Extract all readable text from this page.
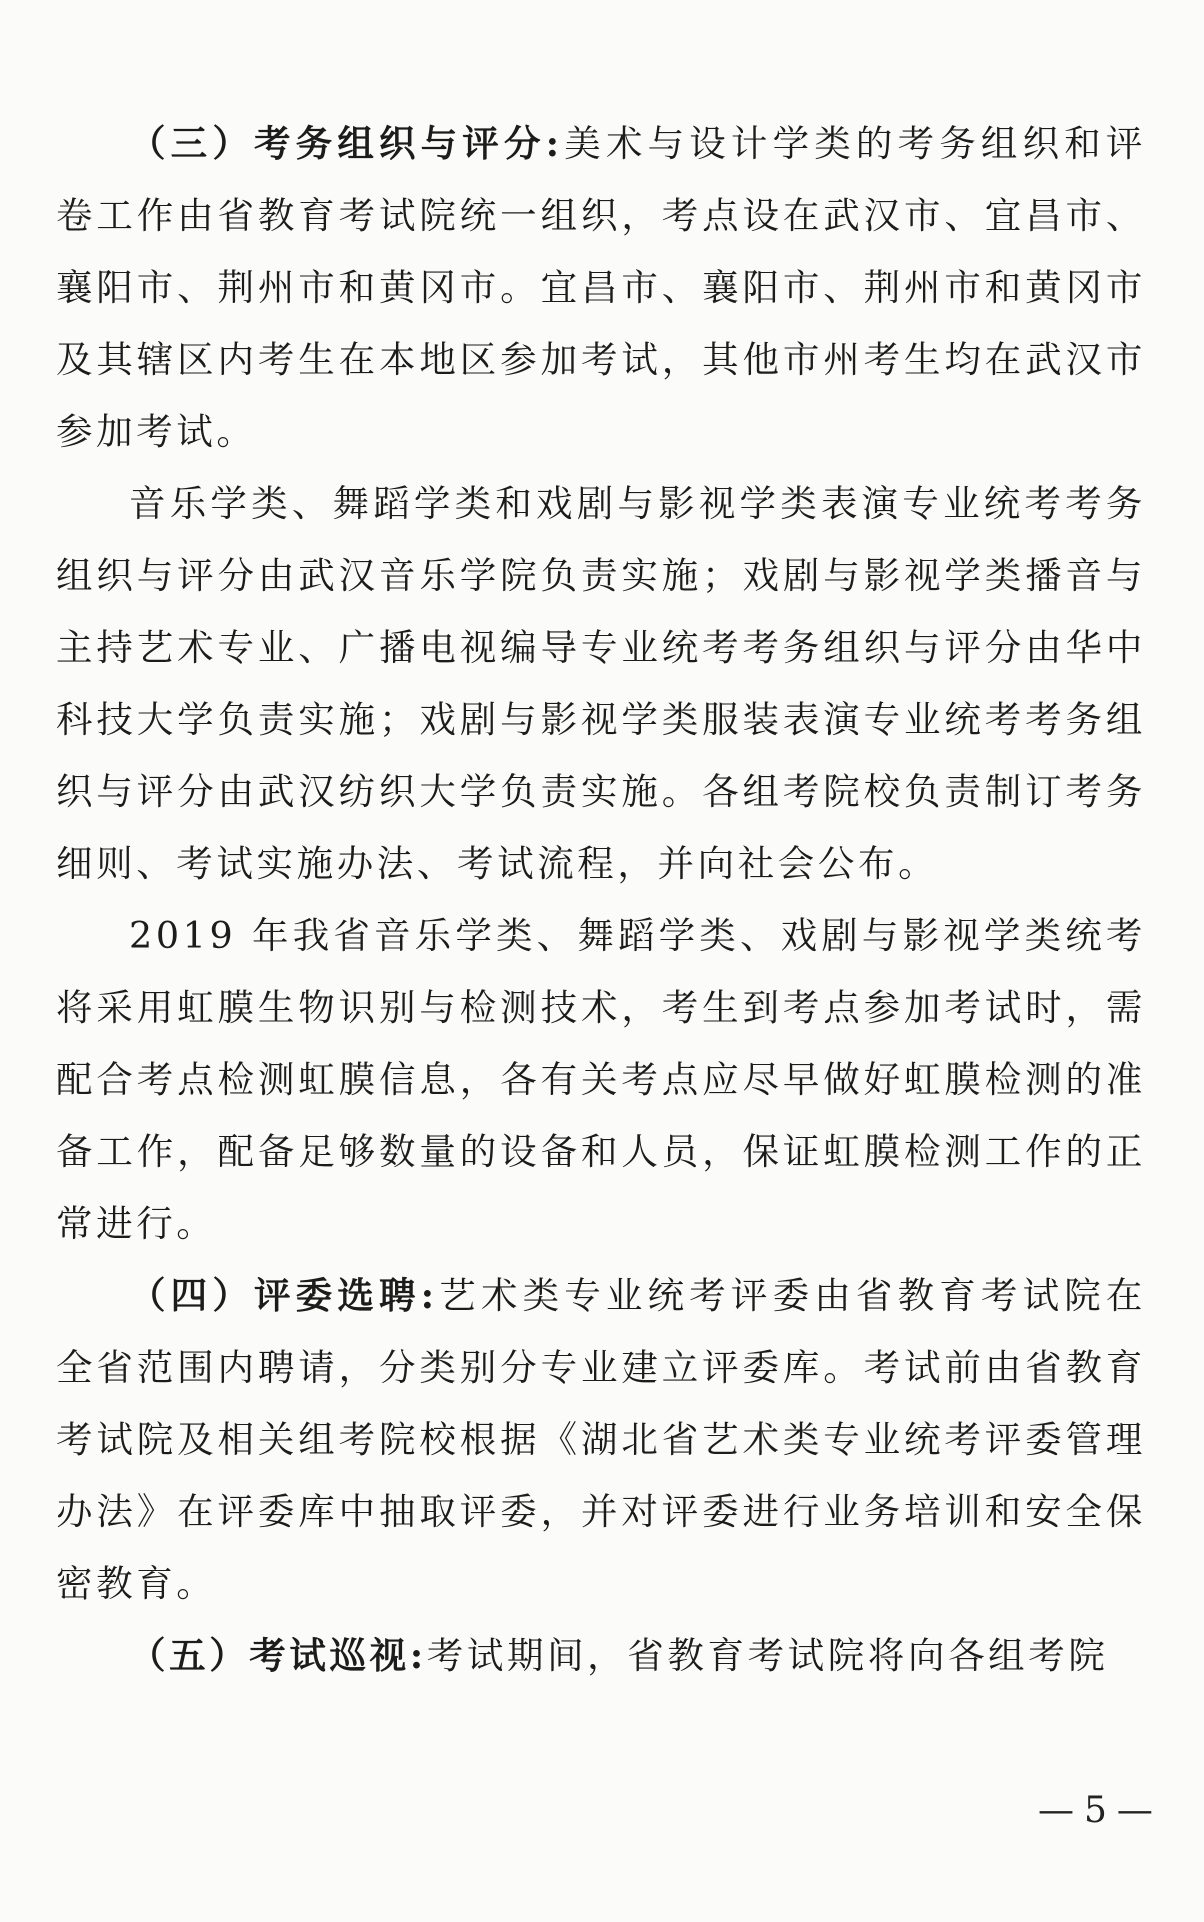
（三）考务组织与评分:美术与设计学类的考务组织和评卷工作由省教育考试院统一组织，考点设在武汉市、宜昌市、襄阳市、荆州市和黄冈市。宜昌市、襄阳市、荆州市和黄冈市及其辖区内考生在本地区参加考试，其他市州考生均在武汉市参加考试。

音乐学类、舞蹈学类和戏剧与影视学类表演专业统考考务组织与评分由武汉音乐学院负责实施；戏剧与影视学类播音与主持艺术专业、广播电视编导专业统考考务组织与评分由华中科技大学负责实施；戏剧与影视学类服装表演专业统考考务组织与评分由武汉纺织大学负责实施。各组考院校负责制订考务细则、考试实施办法、考试流程，并向社会公布。

2019 年我省音乐学类、舞蹈学类、戏剧与影视学类统考将采用虹膜生物识别与检测技术，考生到考点参加考试时，需配合考点检测虹膜信息，各有关考点应尽早做好虹膜检测的准备工作，配备足够数量的设备和人员，保证虹膜检测工作的正常进行。

（四）评委选聘:艺术类专业统考评委由省教育考试院在全省范围内聘请，分类别分专业建立评委库。考试前由省教育考试院及相关组考院校根据《湖北省艺术类专业统考评委管理办法》在评委库中抽取评委，并对评委进行业务培训和安全保密教育。

（五）考试巡视:考试期间，省教育考试院将向各组考院

— 5 —
